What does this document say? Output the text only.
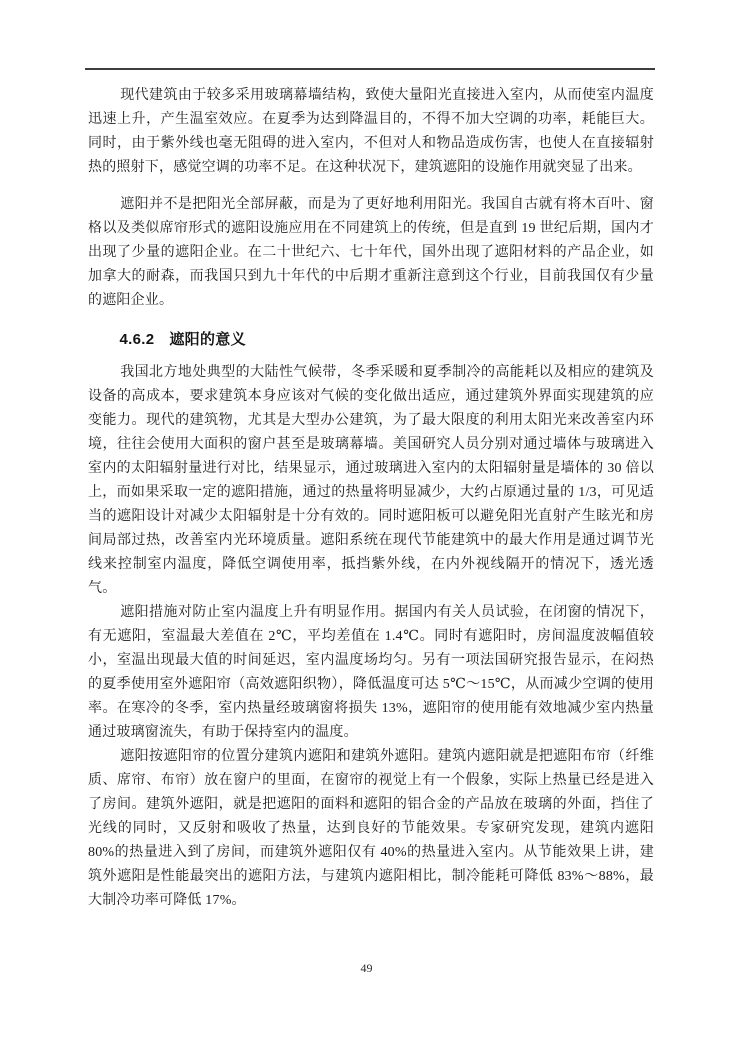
现代建筑由于较多采用玻璃幕墙结构，致使大量阳光直接进入室内，从而使室内温度迅速上升，产生温室效应。在夏季为达到降温目的，不得不加大空调的功率，耗能巨大。同时，由于紫外线也毫无阻碍的进入室内，不但对人和物品造成伤害，也使人在直接辐射热的照射下，感觉空调的功率不足。在这种状况下，建筑遮阳的设施作用就突显了出来。

遮阳并不是把阳光全部屏蔽，而是为了更好地利用阳光。我国自古就有将木百叶、窗格以及类似席帘形式的遮阳设施应用在不同建筑上的传统，但是直到 19 世纪后期，国内才出现了少量的遮阳企业。在二十世纪六、七十年代，国外出现了遮阳材料的产品企业，如加拿大的耐森，而我国只到九十年代的中后期才重新注意到这个行业，目前我国仅有少量的遮阳企业。

4.6.2 遮阳的意义

我国北方地处典型的大陆性气候带，冬季采暖和夏季制冷的高能耗以及相应的建筑及设备的高成本，要求建筑本身应该对气候的变化做出适应，通过建筑外界面实现建筑的应变能力。现代的建筑物，尤其是大型办公建筑，为了最大限度的利用太阳光来改善室内环境，往往会使用大面积的窗户甚至是玻璃幕墙。美国研究人员分别对通过墙体与玻璃进入室内的太阳辐射量进行对比，结果显示，通过玻璃进入室内的太阳辐射量是墙体的 30 倍以上，而如果采取一定的遮阳措施，通过的热量将明显减少，大约占原通过量的 1/3，可见适当的遮阳设计对减少太阳辐射是十分有效的。同时遮阳板可以避免阳光直射产生眩光和房间局部过热，改善室内光环境质量。遮阳系统在现代节能建筑中的最大作用是通过调节光线来控制室内温度，降低空调使用率，抵挡紫外线，在内外视线隔开的情况下，透光透气。

遮阳措施对防止室内温度上升有明显作用。据国内有关人员试验，在闭窗的情况下，有无遮阳，室温最大差值在 2℃，平均差值在 1.4℃。同时有遮阳时，房间温度波幅值较小，室温出现最大值的时间延迟，室内温度场均匀。另有一项法国研究报告显示，在闷热的夏季使用室外遮阳帘（高效遮阳织物），降低温度可达 5℃～15℃，从而减少空调的使用率。在寒冷的冬季，室内热量经玻璃窗将损失 13%，遮阳帘的使用能有效地减少室内热量通过玻璃窗流失，有助于保持室内的温度。

遮阳按遮阳帘的位置分建筑内遮阳和建筑外遮阳。建筑内遮阳就是把遮阳布帘（纤维质、席帘、布帘）放在窗户的里面，在窗帘的视觉上有一个假象，实际上热量已经是进入了房间。建筑外遮阳，就是把遮阳的面料和遮阳的铝合金的产品放在玻璃的外面，挡住了光线的同时，又反射和吸收了热量，达到良好的节能效果。专家研究发现，建筑内遮阳 80%的热量进入到了房间，而建筑外遮阳仅有 40%的热量进入室内。从节能效果上讲，建筑外遮阳是性能最突出的遮阳方法，与建筑内遮阳相比，制冷能耗可降低 83%～88%，最大制冷功率可降低 17%。

49
